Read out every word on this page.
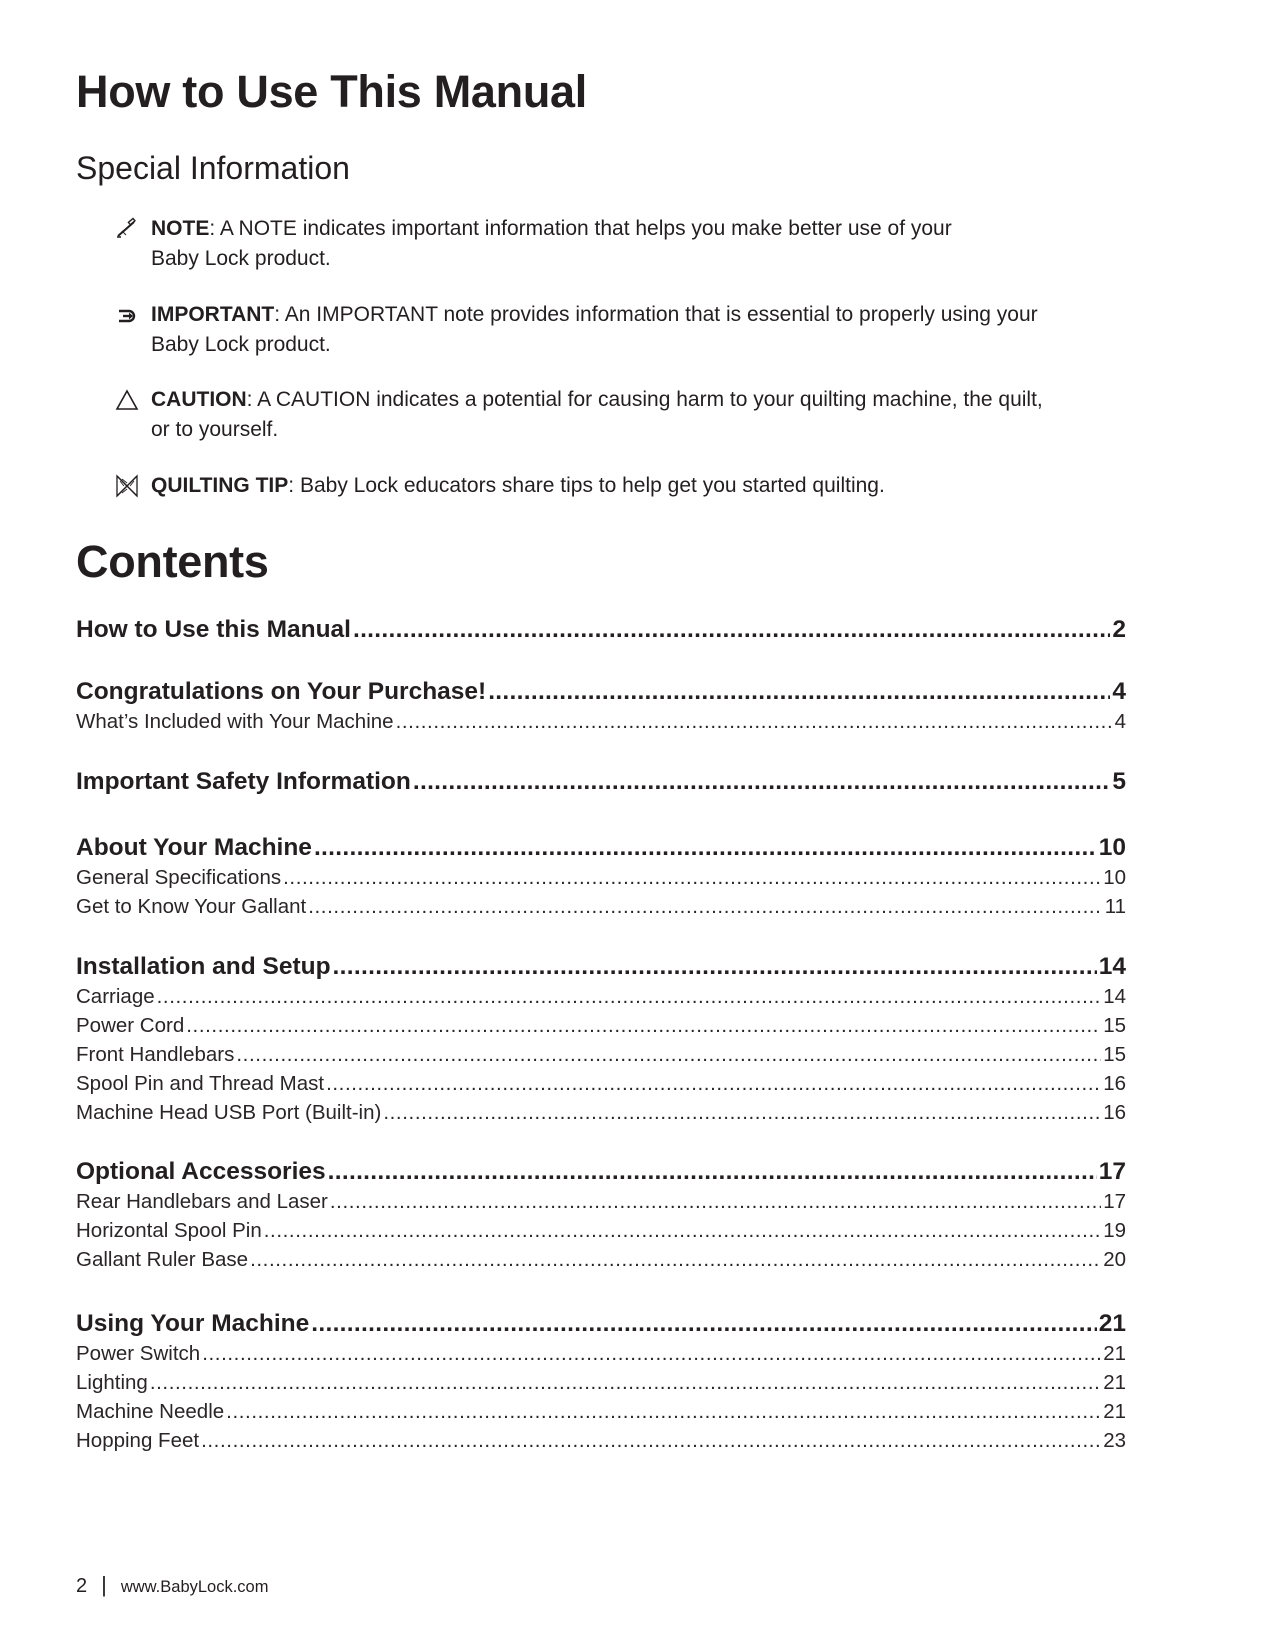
How to Use This Manual
Special Information
NOTE: A NOTE indicates important information that helps you make better use of your
Baby Lock product.
IMPORTANT: An IMPORTANT note provides information that is essential to properly using your
Baby Lock product.
CAUTION: A CAUTION indicates a potential for causing harm to your quilting machine, the quilt,
or to yourself.
QUILTING TIP: Baby Lock educators share tips to help get you started quilting.
Contents
How to Use this Manual .....	2
Congratulations on Your Purchase! .....	4
What’s Included with Your Machine .....	4
Important Safety Information .....	5
About Your Machine .....	10
General Specifications .....	10
Get to Know Your Gallant .....	11
Installation and Setup .....	14
Carriage .....	14
Power Cord .....	15
Front Handlebars .....	15
Spool Pin and Thread Mast .....	16
Machine Head USB Port (Built-in) .....	16
Optional Accessories .....	17
Rear Handlebars and Laser .....	17
Horizontal Spool Pin .....	19
Gallant Ruler Base .....	20
Using Your Machine .....	21
Power Switch .....	21
Lighting .....	21
Machine Needle .....	21
Hopping Feet .....	23
2 | www.BabyLock.com
